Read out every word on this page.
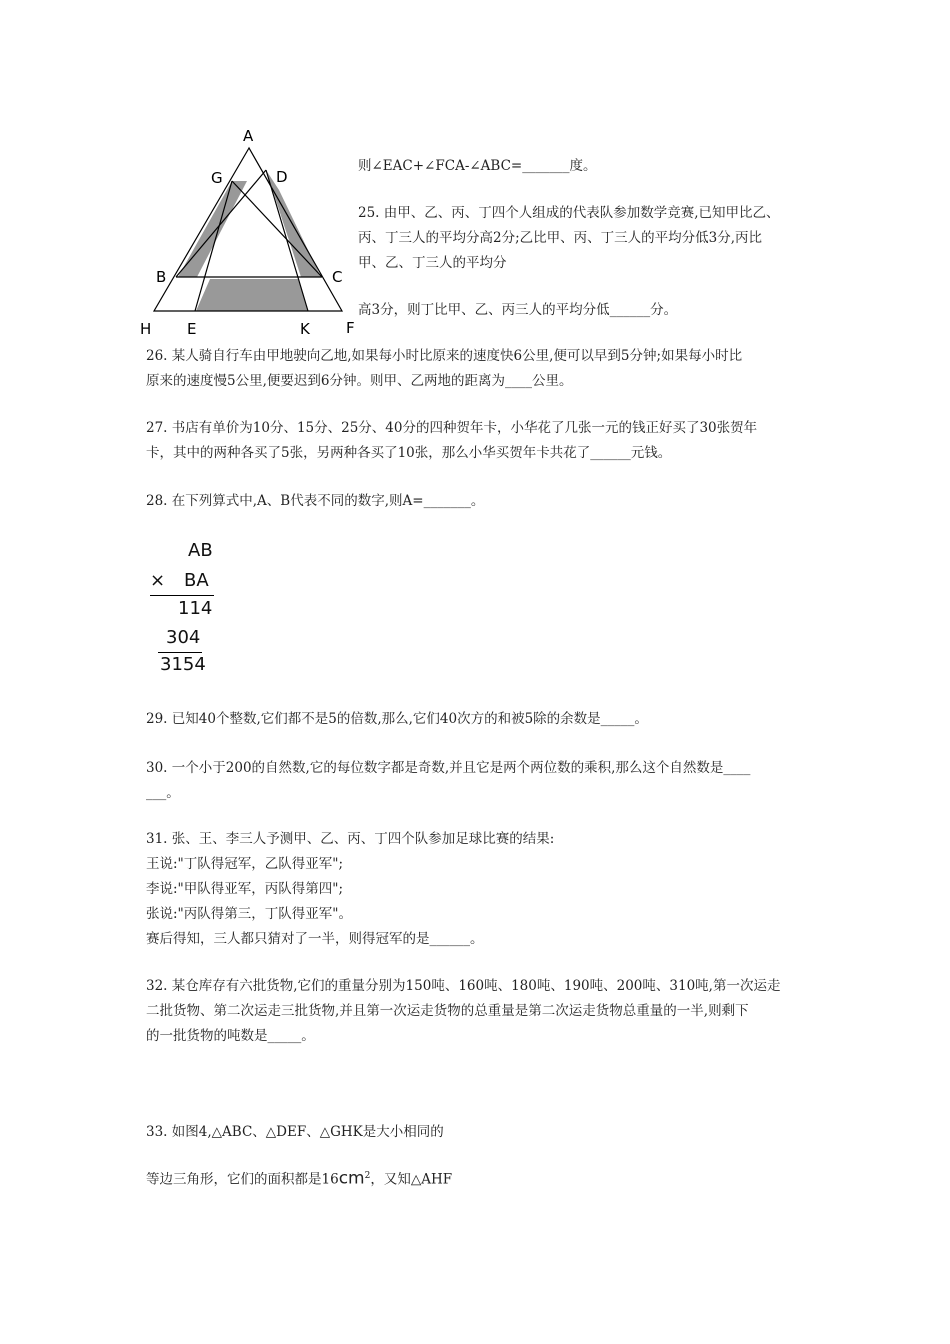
A
G	D
B	C
H E	K F
则∠EAC+∠FCA-∠ABC=_______度。
25. 由甲、乙、丙、丁四个人组成的代表队参加数学竞赛,已知甲比乙、
丙、丁三人的平均分高2分;乙比甲、丙、丁三人的平均分低3分,丙比
甲、乙、丁三人的平均分
高3分，则丁比甲、乙、丙三人的平均分低______分。
26. 某人骑自行车由甲地驶向乙地,如果每小时比原来的速度快6公里,便可以早到5分钟;如果每小时比
原来的速度慢5公里,便要迟到6分钟。则甲、乙两地的距离为____公里。
27. 书店有单价为10分、15分、25分、40分的四种贺年卡，小华花了几张一元的钱正好买了30张贺年
卡，其中的两种各买了5张，另两种各买了10张，那么小华买贺年卡共花了______元钱。
28. 在下列算式中,A、B代表不同的数字,则A=_______。
AB
× BA
114
304
3154
29. 已知40个整数,它们都不是5的倍数,那么,它们40次方的和被5除的余数是_____。
30. 一个小于200的自然数,它的每位数字都是奇数,并且它是两个两位数的乘积,那么这个自然数是____
___。
31. 张、王、李三人予测甲、乙、丙、丁四个队参加足球比赛的结果:
王说:"丁队得冠军，乙队得亚军";
李说:"甲队得亚军，丙队得第四";
张说:"丙队得第三，丁队得亚军"。
赛后得知，三人都只猜对了一半，则得冠军的是______。
32. 某仓库存有六批货物,它们的重量分别为150吨、160吨、180吨、190吨、200吨、310吨,第一次运走
二批货物、第二次运走三批货物,并且第一次运走货物的总重量是第二次运走货物总重量的一半,则剩下
的一批货物的吨数是_____。
33. 如图4,△ABC、△DEF、△GHK是大小相同的
等边三角形，它们的面积都是$16cm^2$，又知△AHF
